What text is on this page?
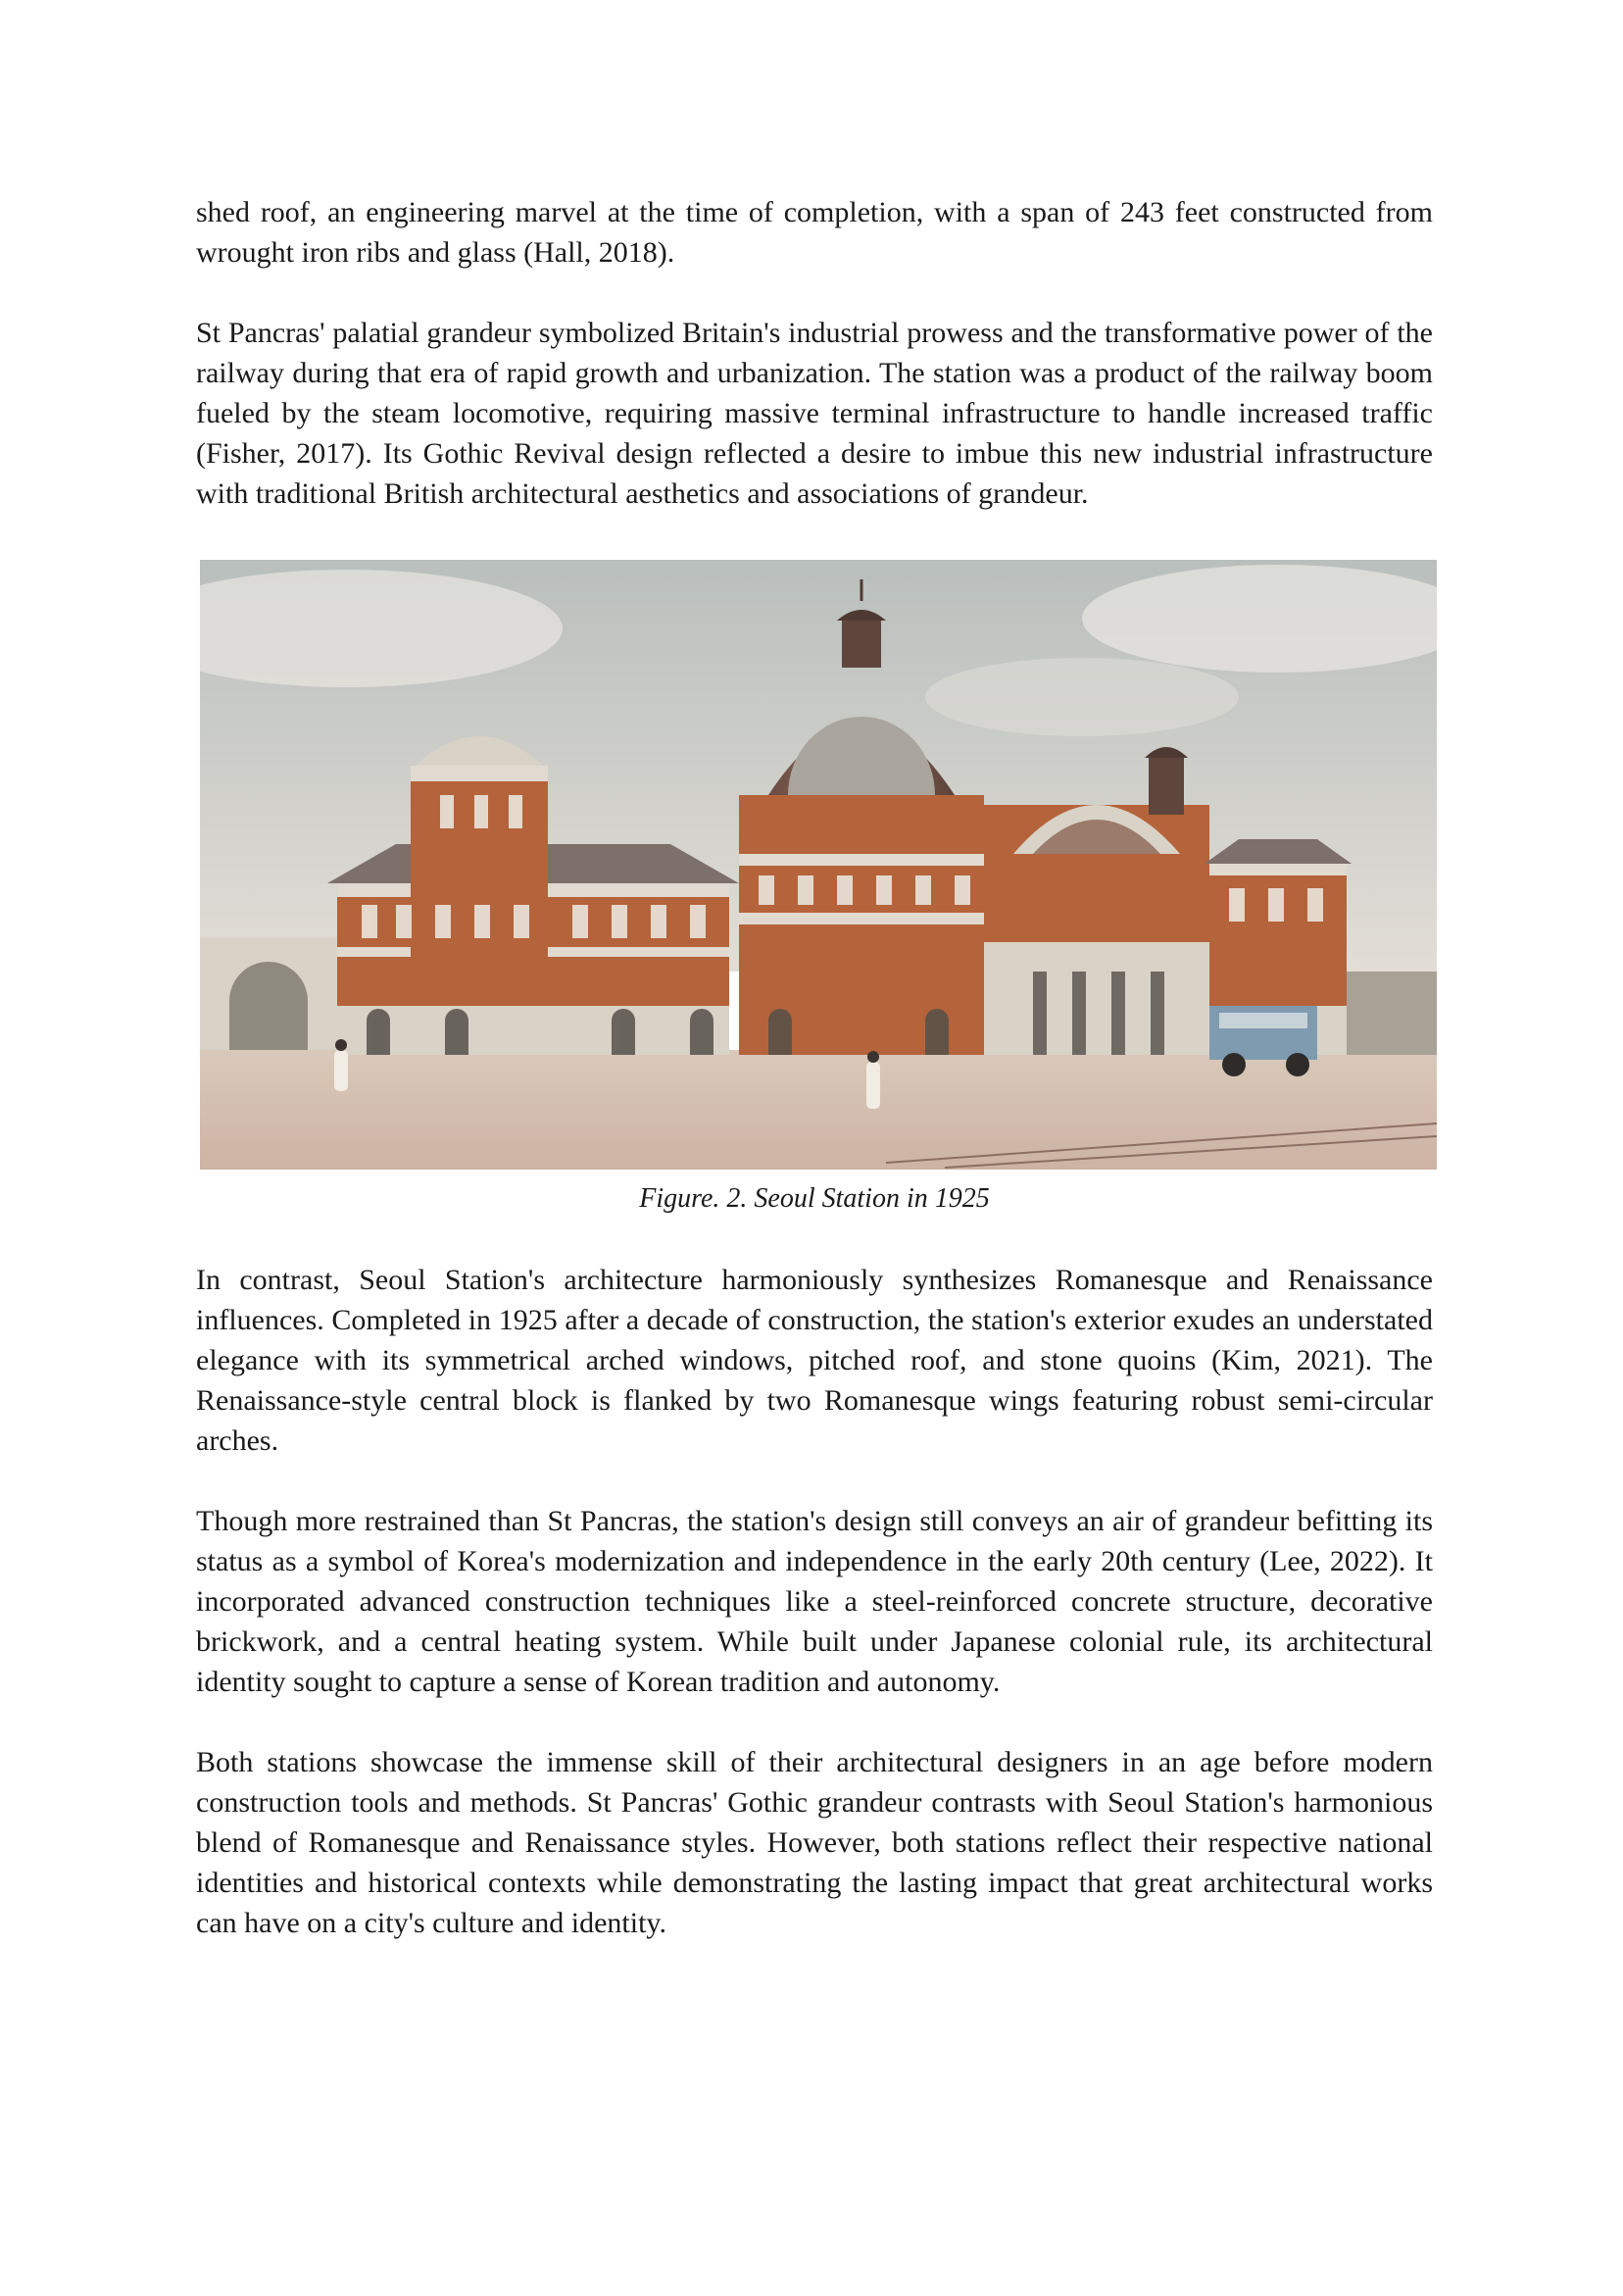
shed roof, an engineering marvel at the time of completion, with a span of 243 feet constructed from wrought iron ribs and glass (Hall, 2018).

St Pancras' palatial grandeur symbolized Britain's industrial prowess and the transformative power of the railway during that era of rapid growth and urbanization. The station was a product of the railway boom fueled by the steam locomotive, requiring massive terminal infrastructure to handle increased traffic (Fisher, 2017). Its Gothic Revival design reflected a desire to imbue this new industrial infrastructure with traditional British architectural aesthetics and associations of grandeur.

Figure. 2. Seoul Station in 1925

In contrast, Seoul Station's architecture harmoniously synthesizes Romanesque and Renaissance influences. Completed in 1925 after a decade of construction, the station's exterior exudes an understated elegance with its symmetrical arched windows, pitched roof, and stone quoins (Kim, 2021). The Renaissance-style central block is flanked by two Romanesque wings featuring robust semi-circular arches.

Though more restrained than St Pancras, the station's design still conveys an air of grandeur befitting its status as a symbol of Korea's modernization and independence in the early 20th century (Lee, 2022). It incorporated advanced construction techniques like a steel-reinforced concrete structure, decorative brickwork, and a central heating system. While built under Japanese colonial rule, its architectural identity sought to capture a sense of Korean tradition and autonomy.

Both stations showcase the immense skill of their architectural designers in an age before modern construction tools and methods. St Pancras' Gothic grandeur contrasts with Seoul Station's harmonious blend of Romanesque and Renaissance styles. However, both stations reflect their respective national identities and historical contexts while demonstrating the lasting impact that great architectural works can have on a city's culture and identity.
